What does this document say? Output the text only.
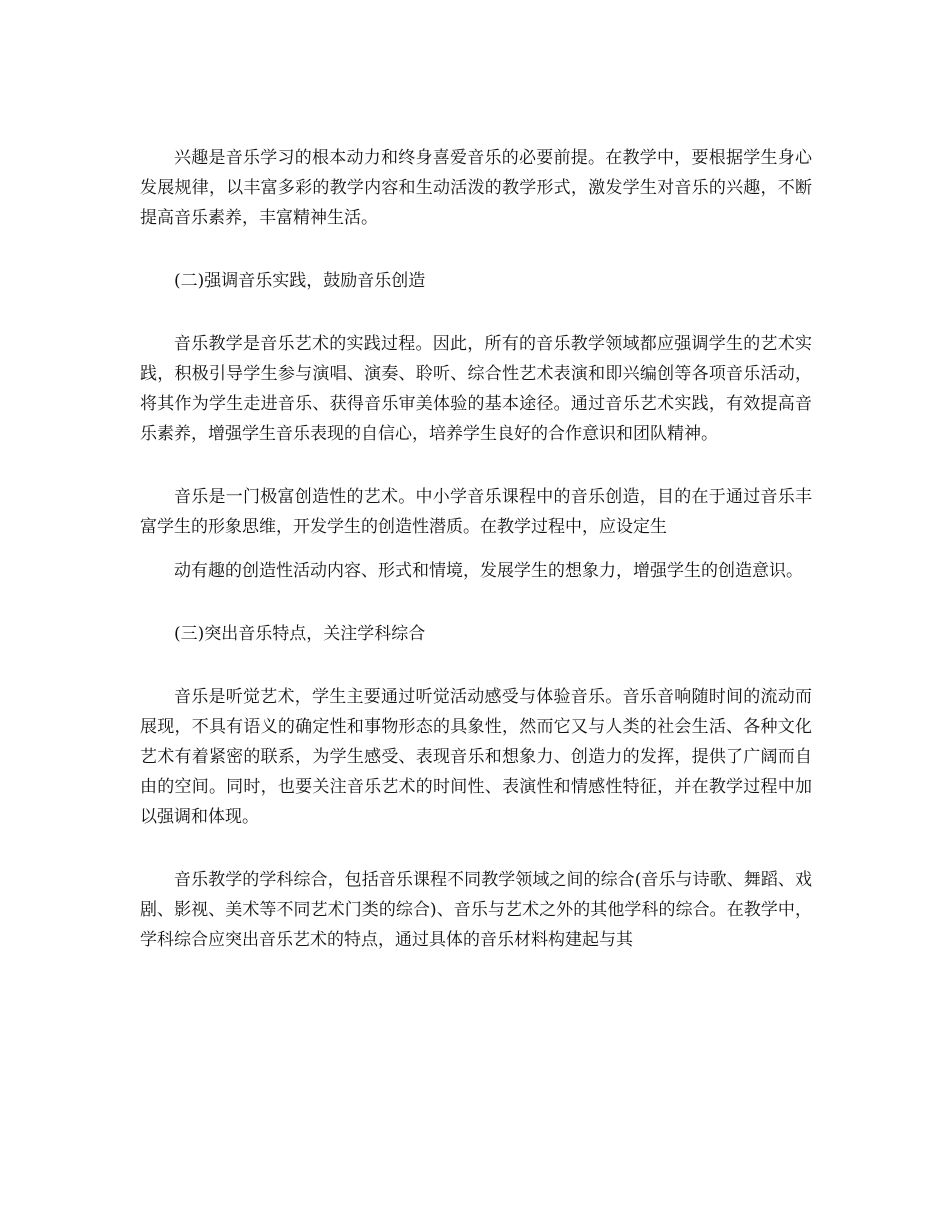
兴趣是音乐学习的根本动力和终身喜爱音乐的必要前提。在教学中，要根据学生身心发展规律，以丰富多彩的教学内容和生动活泼的教学形式，激发学生对音乐的兴趣，不断提高音乐素养，丰富精神生活。

(二)强调音乐实践，鼓励音乐创造

音乐教学是音乐艺术的实践过程。因此，所有的音乐教学领域都应强调学生的艺术实践，积极引导学生参与演唱、演奏、聆听、综合性艺术表演和即兴编创等各项音乐活动，将其作为学生走进音乐、获得音乐审美体验的基本途径。通过音乐艺术实践，有效提高音乐素养，增强学生音乐表现的自信心，培养学生良好的合作意识和团队精神。

音乐是一门极富创造性的艺术。中小学音乐课程中的音乐创造，目的在于通过音乐丰富学生的形象思维，开发学生的创造性潜质。在教学过程中，应设定生

动有趣的创造性活动内容、形式和情境，发展学生的想象力，增强学生的创造意识。

(三)突出音乐特点，关注学科综合

音乐是听觉艺术，学生主要通过听觉活动感受与体验音乐。音乐音响随时间的流动而展现，不具有语义的确定性和事物形态的具象性，然而它又与人类的社会生活、各种文化艺术有着紧密的联系，为学生感受、表现音乐和想象力、创造力的发挥，提供了广阔而自由的空间。同时，也要关注音乐艺术的时间性、表演性和情感性特征，并在教学过程中加以强调和体现。

音乐教学的学科综合，包括音乐课程不同教学领域之间的综合(音乐与诗歌、舞蹈、戏剧、影视、美术等不同艺术门类的综合)、音乐与艺术之外的其他学科的综合。在教学中，学科综合应突出音乐艺术的特点，通过具体的音乐材料构建起与其
